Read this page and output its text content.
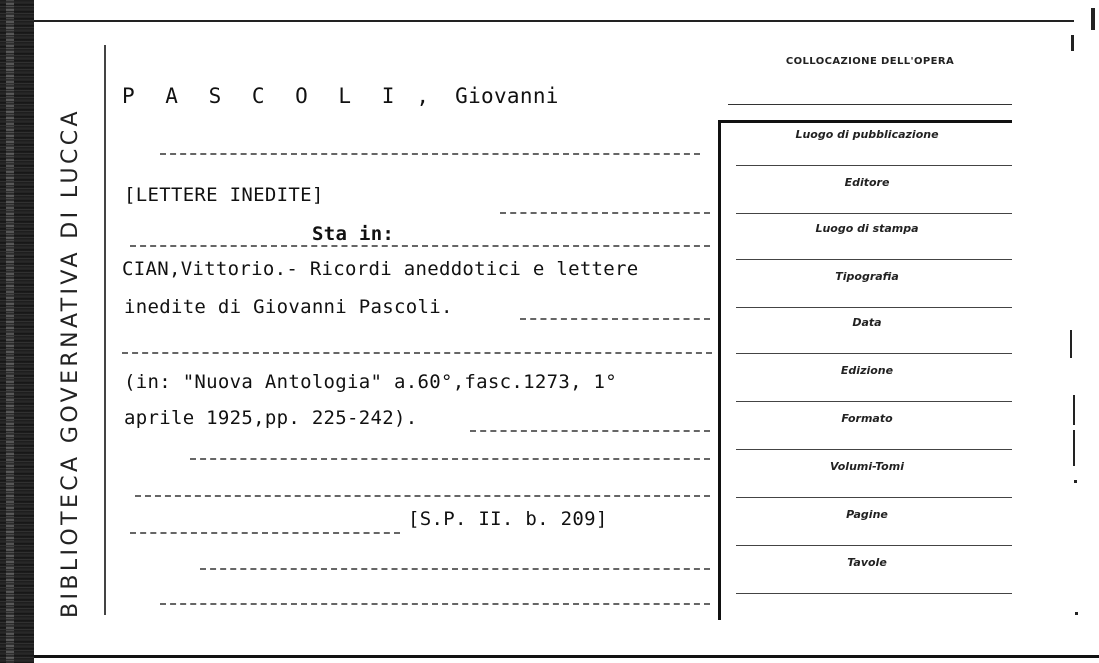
BIBLIOTECA GOVERNATIVA DI LUCCA
P A S C O L I , Giovanni
[LETTERE INEDITE]
Sta in:
CIAN,Vittorio.- Ricordi aneddotici e lettere
inedite di Giovanni Pascoli.
(in: "Nuova Antologia" a.60°,fasc.1273, 1°
aprile 1925,pp. 225-242).
[S.P. II. b. 209]
COLLOCAZIONE DELL'OPERA
Luogo di pubblicazione
Editore
Luogo di stampa
Tipografia
Data
Edizione
Formato
Volumi-Tomi
Pagine
Tavole
